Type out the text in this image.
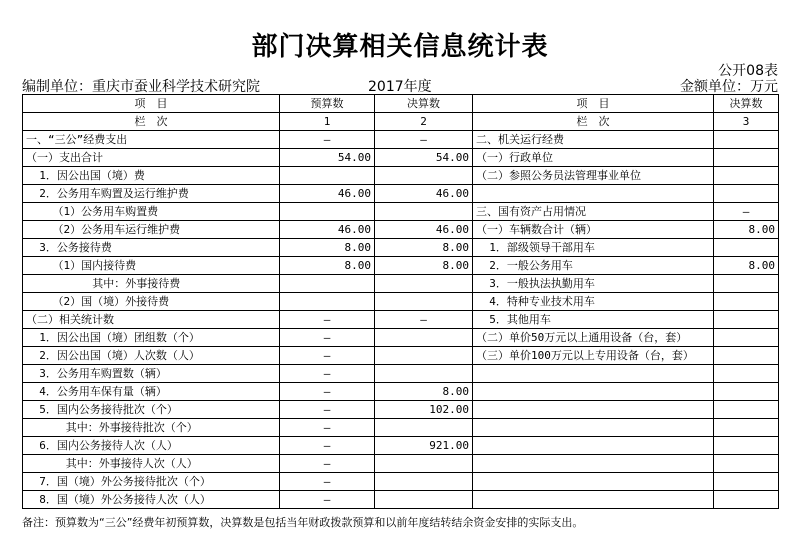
部门决算相关信息统计表
公开08表
编制单位：重庆市蚕业科学技术研究院	2017年度	金额单位：万元
项　目	预算数	决算数	项　目	决算数
栏　次	1	2	栏　次	3
一、“三公”经费支出	—	—	二、机关运行经费	
（一）支出合计	54.00	54.00	（一）行政单位	
1．因公出国（境）费			（二）参照公务员法管理事业单位	
2．公务用车购置及运行维护费	46.00	46.00		
（1）公务用车购置费			三、国有资产占用情况	—
（2）公务用车运行维护费	46.00	46.00	（一）车辆数合计（辆）	8.00
3．公务接待费	8.00	8.00	1．部级领导干部用车	
（1）国内接待费	8.00	8.00	2．一般公务用车	8.00
其中：外事接待费			3．一般执法执勤用车	
（2）国（境）外接待费			4．特种专业技术用车	
（二）相关统计数	—	—	5．其他用车	
1．因公出国（境）团组数（个）	—		（二）单价50万元以上通用设备（台，套）	
2．因公出国（境）人次数（人）	—		（三）单价100万元以上专用设备（台，套）	
3．公务用车购置数（辆）	—			
4．公务用车保有量（辆）	—	8.00		
5．国内公务接待批次（个）	—	102.00		
其中：外事接待批次（个）	—			
6．国内公务接待人次（人）	—	921.00		
其中：外事接待人次（人）	—			
7．国（境）外公务接待批次（个）	—			
8．国（境）外公务接待人次（人）	—			
备注：预算数为“三公”经费年初预算数，决算数是包括当年财政拨款预算和以前年度结转结余资金安排的实际支出。
